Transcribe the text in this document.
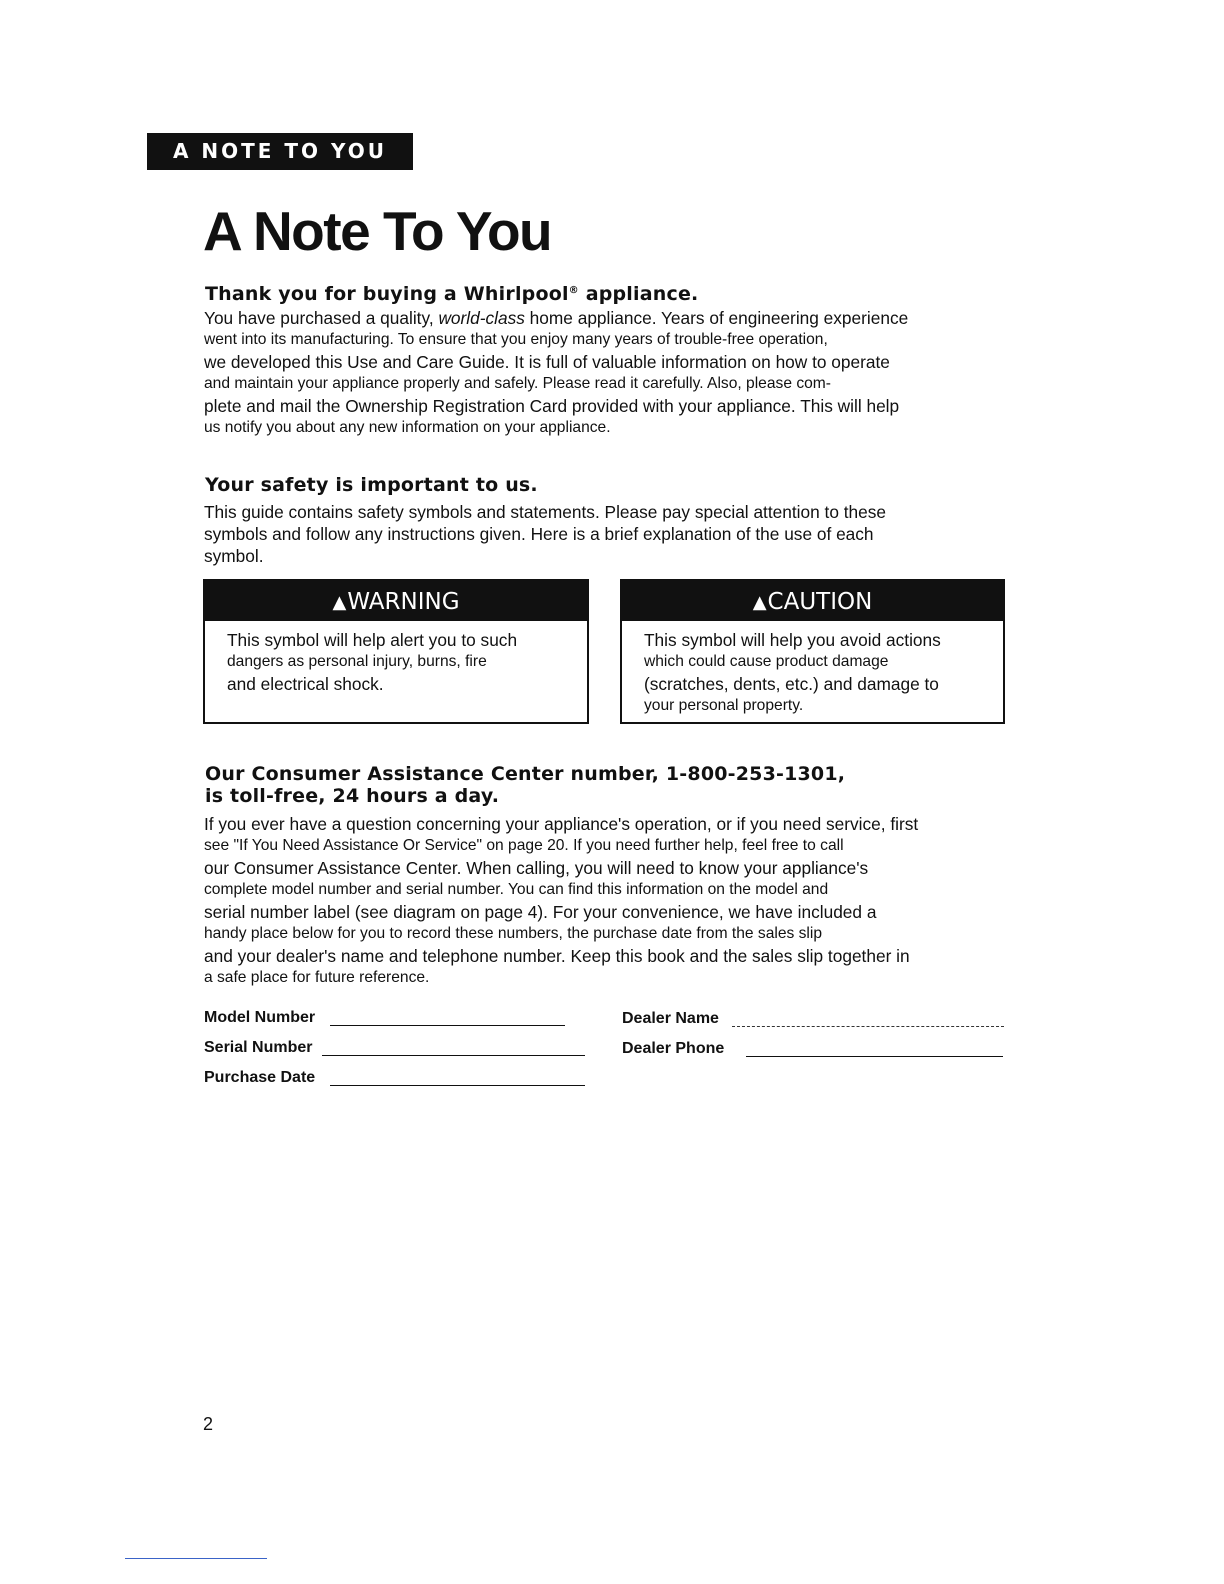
A NOTE TO YOU
A Note To You
Thank you for buying a Whirlpool® appliance.
You have purchased a quality, world-class home appliance. Years of engineering experience
went into its manufacturing. To ensure that you enjoy many years of trouble-free operation,
we developed this Use and Care Guide. It is full of valuable information on how to operate
and maintain your appliance properly and safely. Please read it carefully. Also, please com-
plete and mail the Ownership Registration Card provided with your appliance. This will help
us notify you about any new information on your appliance.
Your safety is important to us.
This guide contains safety symbols and statements. Please pay special attention to these
symbols and follow any instructions given. Here is a brief explanation of the use of each
symbol.
▲WARNING
This symbol will help alert you to such
dangers as personal injury, burns, fire
and electrical shock.
▲CAUTION
This symbol will help you avoid actions
which could cause product damage
(scratches, dents, etc.) and damage to
your personal property.
Our Consumer Assistance Center number, 1-800-253-1301,
is toll-free, 24 hours a day.
If you ever have a question concerning your appliance's operation, or if you need service, first
see "If You Need Assistance Or Service" on page 20. If you need further help, feel free to call
our Consumer Assistance Center. When calling, you will need to know your appliance's
complete model number and serial number. You can find this information on the model and
serial number label (see diagram on page 4). For your convenience, we have included a
handy place below for you to record these numbers, the purchase date from the sales slip
and your dealer's name and telephone number. Keep this book and the sales slip together in
a safe place for future reference.
Model Number
Serial Number
Purchase Date
Dealer Name
Dealer Phone
2
